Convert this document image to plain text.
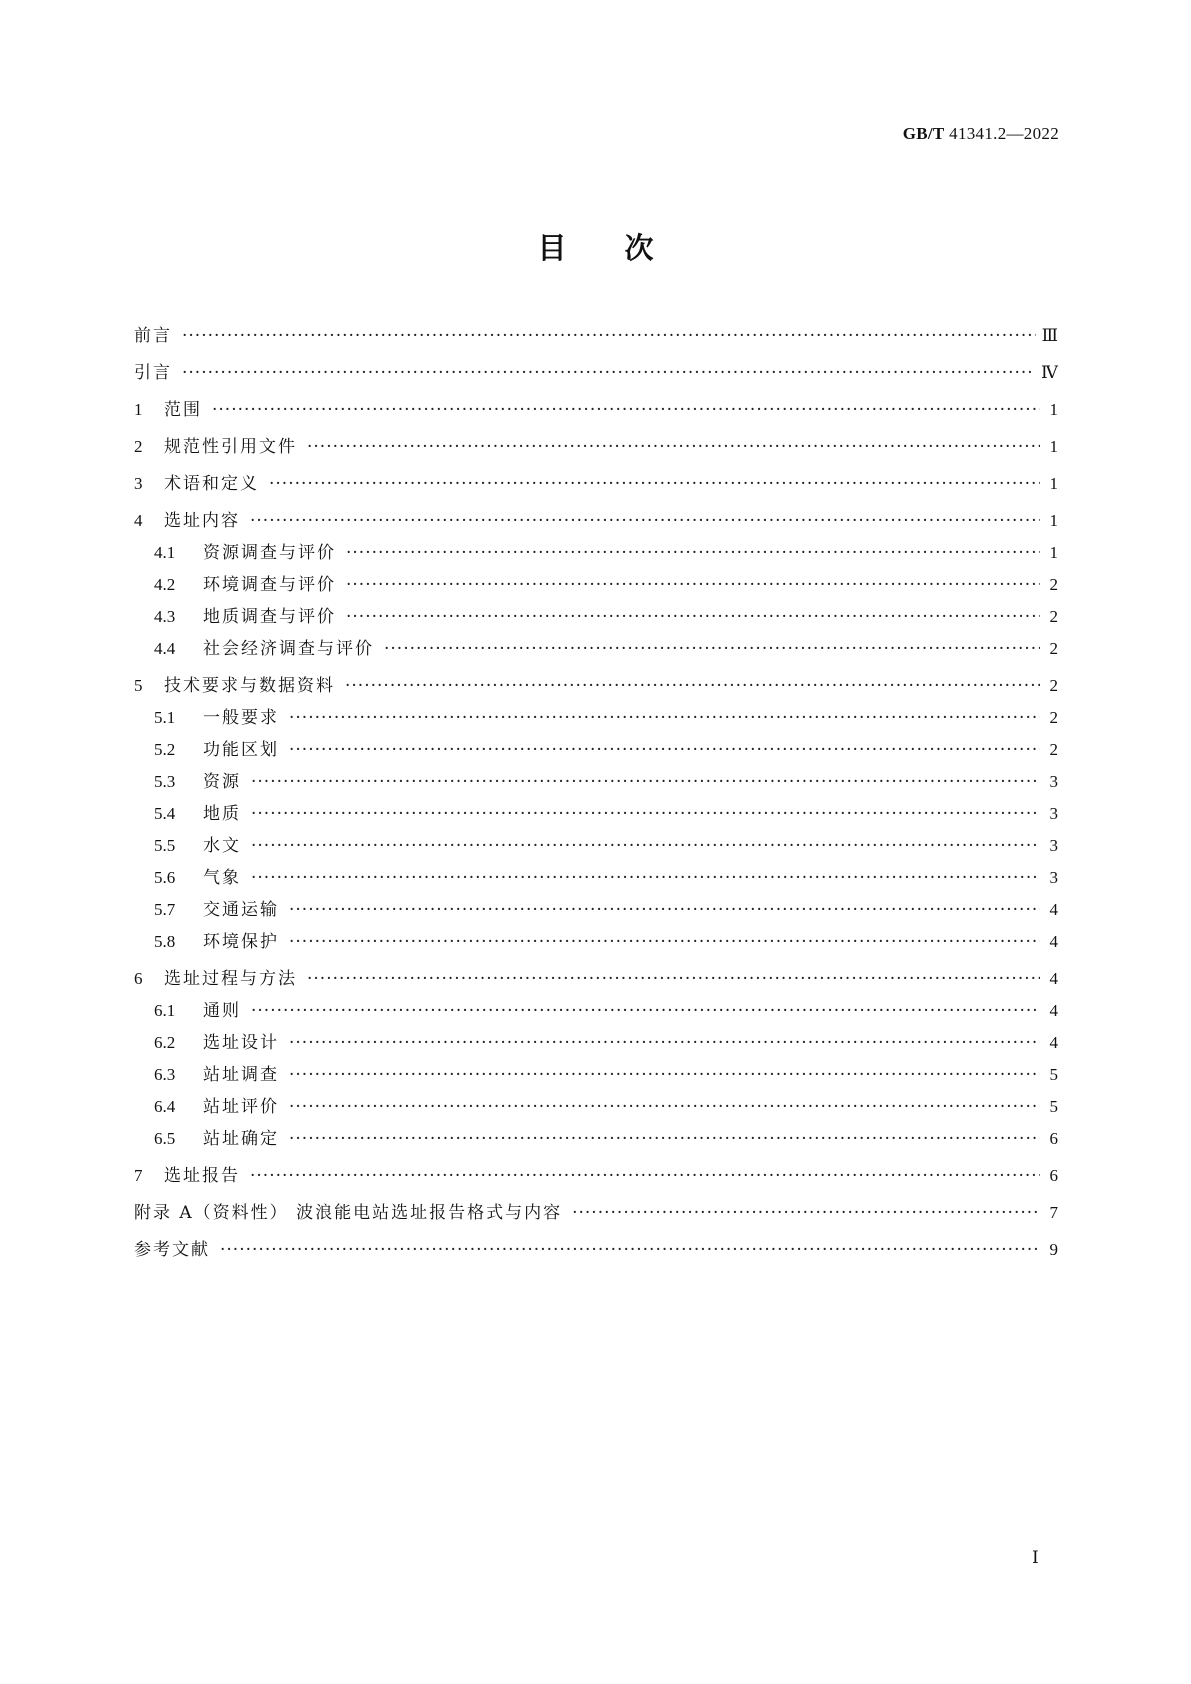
GB/T 41341.2—2022
目 次
前言 ·····	Ⅲ
引言 ·····	Ⅳ
1	范围 ·····	1
2	规范性引用文件 ·····	1
3	术语和定义 ·····	1
4	选址内容 ·····	1
4.1	资源调查与评价 ·····	1
4.2	环境调查与评价 ·····	2
4.3	地质调查与评价 ·····	2
4.4	社会经济调查与评价 ·····	2
5	技术要求与数据资料 ·····	2
5.1	一般要求 ·····	2
5.2	功能区划 ·····	2
5.3	资源 ·····	3
5.4	地质 ·····	3
5.5	水文 ·····	3
5.6	气象 ·····	3
5.7	交通运输 ·····	4
5.8	环境保护 ·····	4
6	选址过程与方法 ·····	4
6.1	通则 ·····	4
6.2	选址设计 ·····	4
6.3	站址调查 ·····	5
6.4	站址评价 ·····	5
6.5	站址确定 ·····	6
7	选址报告 ·····	6
附录 A（资料性） 波浪能电站选址报告格式与内容 ·····	7
参考文献 ·····	9
Ⅰ
